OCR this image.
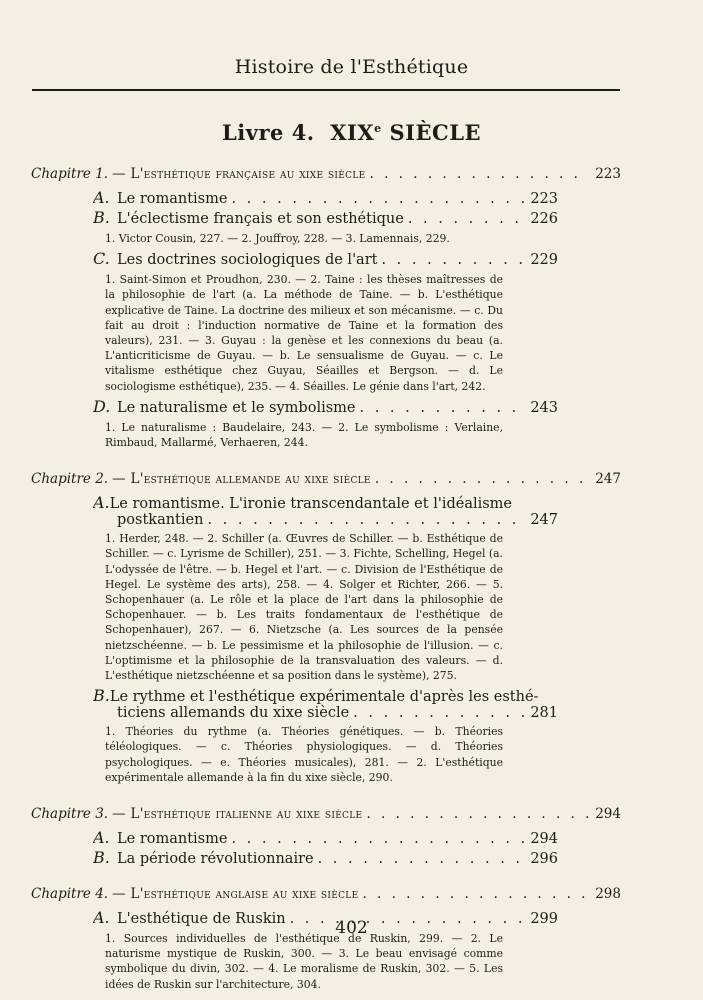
Histoire de l'Esthétique
Livre 4. XIXe SIÈCLE
Chapitre 1. — L'esthétique française au xixe siècle . . .	223
A. Le romantisme . . .	223
B. L'éclectisme français et son esthétique . . .	226
1. Victor Cousin, 227. — 2. Jouffroy, 228. — 3. Lamennais, 229.
C. Les doctrines sociologiques de l'art . . .	229
1. Saint-Simon et Proudhon, 230. — 2. Taine : les thèses maîtresses de la philosophie de l'art (a. La méthode de Taine. — b. L'esthétique explicative de Taine. La doctrine des milieux et son mécanisme. — c. Du fait au droit : l'induction normative de Taine et la formation des valeurs), 231. — 3. Guyau : la genèse et les connexions du beau (a. L'anticriticisme de Guyau. — b. Le sensualisme de Guyau. — c. Le vitalisme esthétique chez Guyau, Séailles et Bergson. — d. Le sociologisme esthétique), 235. — 4. Séailles. Le génie dans l'art, 242.
D. Le naturalisme et le symbolisme . . .	243
1. Le naturalisme : Baudelaire, 243. — 2. Le symbolisme : Verlaine, Rimbaud, Mallarmé, Verhaeren, 244.
Chapitre 2. — L'esthétique allemande au xixe siècle . . .	247
A.Le romantisme. L'ironie transcendantale et l'idéalisme
postkantien . . .	247
1. Herder, 248. — 2. Schiller (a. Œuvres de Schiller. — b. Esthétique de Schiller. — c. Lyrisme de Schiller), 251. — 3. Fichte, Schelling, Hegel (a. L'odyssée de l'être. — b. Hegel et l'art. — c. Division de l'Esthétique de Hegel. Le système des arts), 258. — 4. Solger et Richter, 266. — 5. Schopenhauer (a. Le rôle et la place de l'art dans la philosophie de Schopenhauer. — b. Les traits fondamentaux de l'esthétique de Schopenhauer), 267. — 6. Nietzsche (a. Les sources de la pensée nietzschéenne. — b. Le pessimisme et la philosophie de l'illusion. — c. L'optimisme et la philosophie de la transvaluation des valeurs. — d. L'esthétique nietzschéenne et sa position dans le système), 275.
B.Le rythme et l'esthétique expérimentale d'après les esthé-
ticiens allemands du xixe siècle . . .	281
1. Théories du rythme (a. Théories génétiques. — b. Théories téléologiques. — c. Théories physiologiques. — d. Théories psychologiques. — e. Théories musicales), 281. — 2. L'esthétique expérimentale allemande à la fin du xixe siècle, 290.
Chapitre 3. — L'esthétique italienne au xixe siècle . . .	294
A. Le romantisme . . .	294
B. La période révolutionnaire . . .	296
Chapitre 4. — L'esthétique anglaise au xixe siècle . . .	298
A. L'esthétique de Ruskin . . .	299
1. Sources individuelles de l'esthétique de Ruskin, 299. — 2. Le naturisme mystique de Ruskin, 300. — 3. Le beau envisagé comme symbolique du divin, 302. — 4. Le moralisme de Ruskin, 302. — 5. Les idées de Ruskin sur l'architecture, 304.
402
